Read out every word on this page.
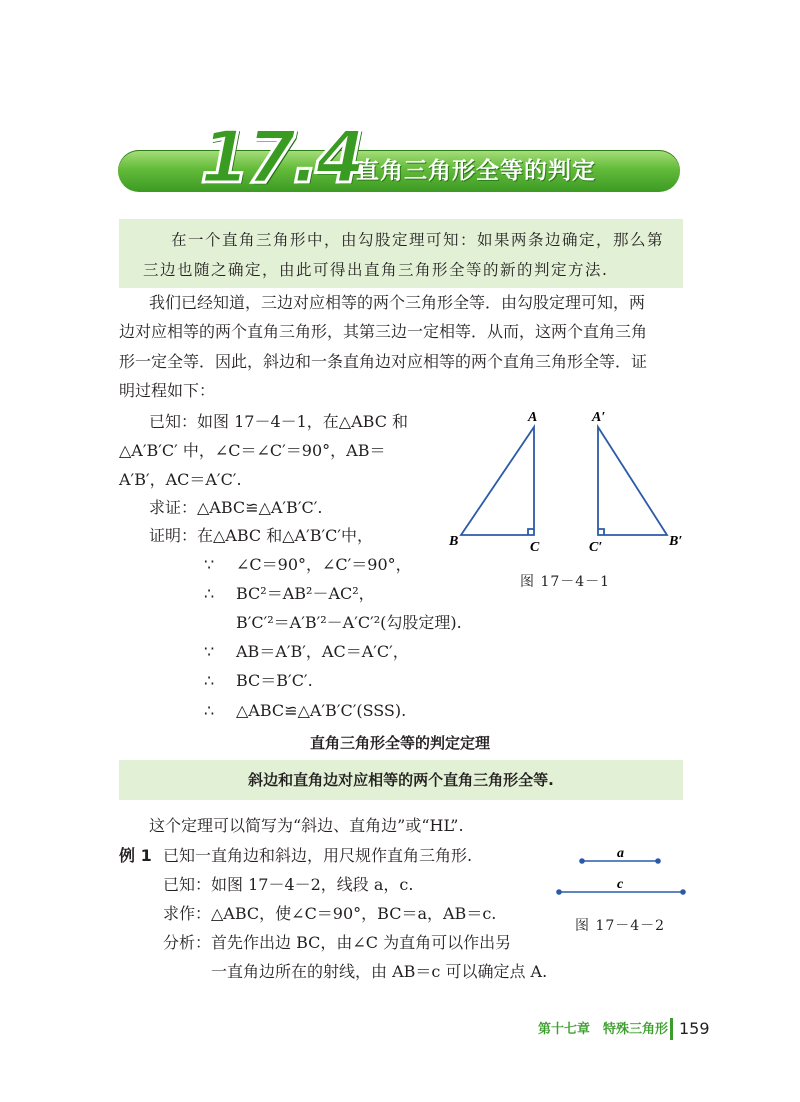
17.4
直角三角形全等的判定
在一个直角三角形中，由勾股定理可知：如果两条边确定，那么第
三边也随之确定，由此可得出直角三角形全等的新的判定方法.
我们已经知道，三边对应相等的两个三角形全等．由勾股定理可知，两
边对应相等的两个直角三角形，其第三边一定相等．从而，这两个直角三角
形一定全等．因此，斜边和一条直角边对应相等的两个直角三角形全等．证
明过程如下：
已知：如图 17－4－1，在△ABC 和
△A′B′C′ 中，∠C＝∠C′＝90°，AB＝
A′B′，AC＝A′C′.
求证：△ABC≌△A′B′C′.
证明：在△ABC 和△A′B′C′中，
∵ ∠C＝90°，∠C′＝90°，
∴ BC²＝AB²－AC²，
B′C′²＝A′B′²－A′C′²(勾股定理).
∵ AB＝A′B′，AC＝A′C′，
∴ BC＝B′C′.
∴ △ABC≌△A′B′C′(SSS).
A
B	C
A′
B′
C′
图 17－4－1
直角三角形全等的判定定理
斜边和直角边对应相等的两个直角三角形全等.
这个定理可以简写为“斜边、直角边”或“HL”.
例 1 已知一直角边和斜边，用尺规作直角三角形.
已知：如图 17－4－2，线段 a，c.
求作：△ABC，使∠C＝90°，BC＝a，AB＝c.
分析：首先作出边 BC，由∠C 为直角可以作出另
一直角边所在的射线，由 AB＝c 可以确定点 A.
a
c
图 17－4－2
第十七章　特殊三角形 159
